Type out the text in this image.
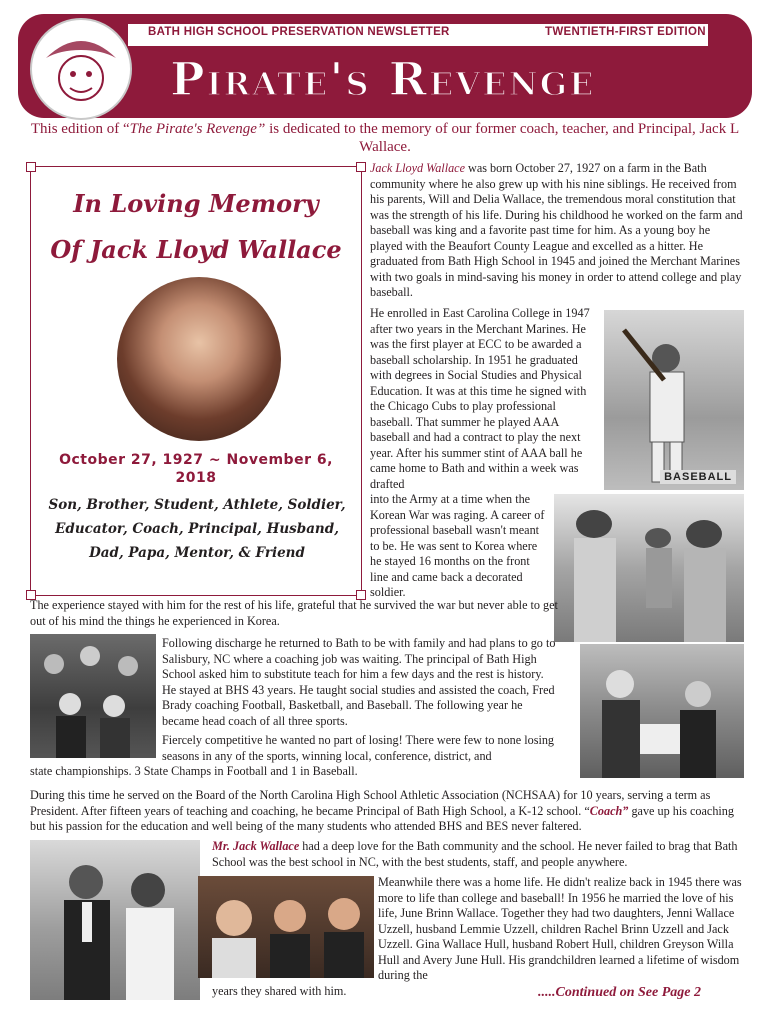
BATH HIGH SCHOOL PRESERVATION NEWSLETTER	TWENTIETH-FIRST EDITION
Pirate's Revenge
This edition of “The Pirate's Revenge” is dedicated to the memory of our former coach, teacher, and Principal, Jack L Wallace.
In Loving Memory
Of Jack Lloyd Wallace
October 27, 1927 ~ November 6, 2018
Son, Brother, Student, Athlete, Soldier, Educator, Coach, Principal, Husband, Dad, Papa, Mentor, & Friend
Jack Lloyd Wallace was born October 27, 1927 on a farm in the Bath community where he also grew up with his nine siblings. He received from his parents, Will and Delia Wallace, the tremendous moral constitution that was the strength of his life. During his childhood he worked on the farm and baseball was king and a favorite past time for him. As a young boy he played with the Beaufort County League and excelled as a hitter. He graduated from Bath High School in 1945 and joined the Merchant Marines with two goals in mind-saving his money in order to attend college and play baseball.
BASEBALL
He enrolled in East Carolina College in 1947 after two years in the Merchant Marines. He was the first player at ECC to be awarded a baseball scholarship. In 1951 he graduated with degrees in Social Studies and Physical Education. It was at this time he signed with the Chicago Cubs to play professional baseball. That summer he played AAA baseball and had a contract to play the next year. After his summer stint of AAA ball he came home to Bath and within a week was drafted
into the Army at a time when the Korean War was raging. A career of professional baseball wasn't meant to be. He was sent to Korea where he stayed 16 months on the front line and came back a decorated soldier.
The experience stayed with him for the rest of his life, grateful that he survived the war but never able to get out of his mind the things he experienced in Korea.
Following discharge he returned to Bath to be with family and had plans to go to Salisbury, NC where a coaching job was waiting. The principal of Bath High School asked him to substitute teach for him a few days and the rest is history. He stayed at BHS 43 years. He taught social studies and assisted the coach, Fred Brady coaching Football, Basketball, and Baseball. The following year he became head coach of all three sports.
Fiercely competitive he wanted no part of losing! There were few to none losing seasons in any of the sports, winning local, conference, district, and
state championships. 3 State Champs in Football and 1 in Baseball.
During this time he served on the Board of the North Carolina High School Athletic Association (NCHSAA) for 10 years, serving a term as President. After fifteen years of teaching and coaching, he became Principal of Bath High School, a K-12 school. “Coach” gave up his coaching but his passion for the education and well being of the many students who attended BHS and BES never faltered.
Mr. Jack Wallace had a deep love for the Bath community and the school. He never failed to brag that Bath School was the best school in NC, with the best students, staff, and people anywhere.
Meanwhile there was a home life. He didn't realize back in 1945 there was more to life than college and baseball! In 1956 he married the love of his life, June Brinn Wallace. Together they had two daughters, Jenni Wallace Uzzell, husband Lemmie Uzzell, children Rachel Brinn Uzzell and Jack Uzzell. Gina Wallace Hull, husband Robert Hull, children Greyson Willa Hull and Avery June Hull. His grandchildren learned a lifetime of wisdom during the
years they shared with him.	.....Continued on See Page 2
